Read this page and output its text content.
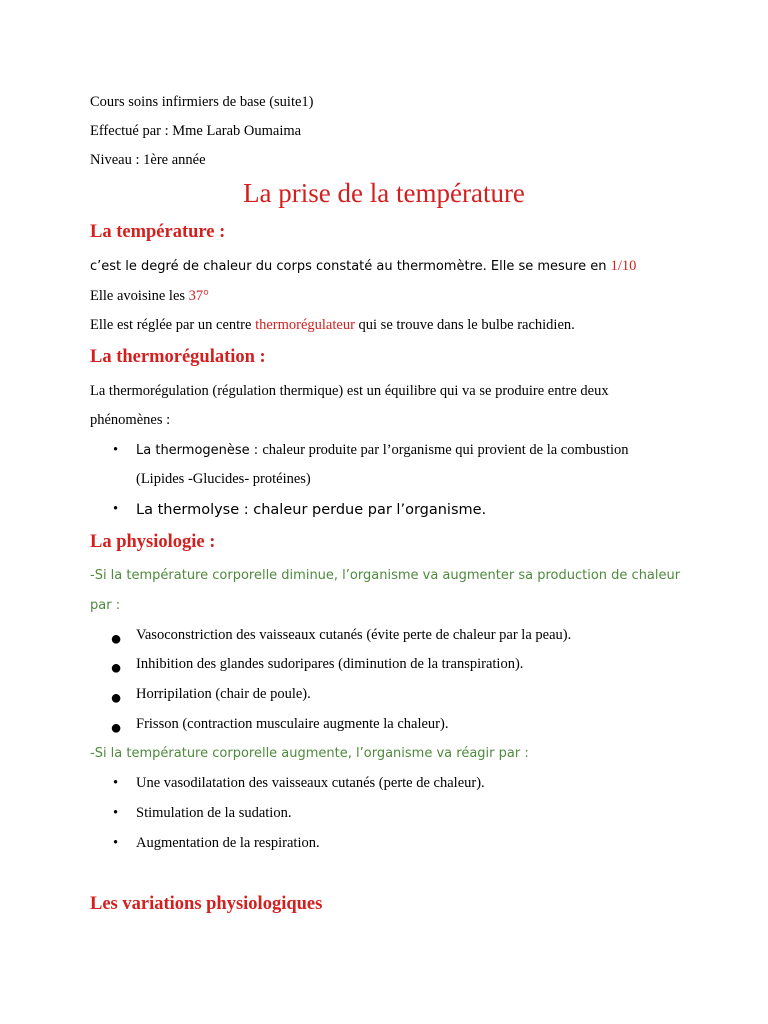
Cours soins infirmiers de base (suite1)
Effectué par : Mme Larab Oumaima
Niveau : 1ère année
La prise de la température
La température :
c’est le degré de chaleur du corps constaté au thermomètre. Elle se mesure en 1/10
Elle avoisine les 37°
Elle est réglée par un centre thermorégulateur qui se trouve dans le bulbe rachidien.
La thermorégulation :
La thermorégulation (régulation thermique) est un équilibre qui va se produire entre deux
phénomènes :
• La thermogenèse : chaleur produite par l’organisme qui provient de la combustion
(Lipides -Glucides- protéines)
• La thermolyse : chaleur perdue par l’organisme.
La physiologie :
-Si la température corporelle diminue, l’organisme va augmenter sa production de chaleur
par :
● Vasoconstriction des vaisseaux cutanés (évite perte de chaleur par la peau).
● Inhibition des glandes sudoripares (diminution de la transpiration).
● Horripilation (chair de poule).
● Frisson (contraction musculaire augmente la chaleur).
-Si la température corporelle augmente, l’organisme va réagir par :
• Une vasodilatation des vaisseaux cutanés (perte de chaleur).
• Stimulation de la sudation.
• Augmentation de la respiration.
Les variations physiologiques
